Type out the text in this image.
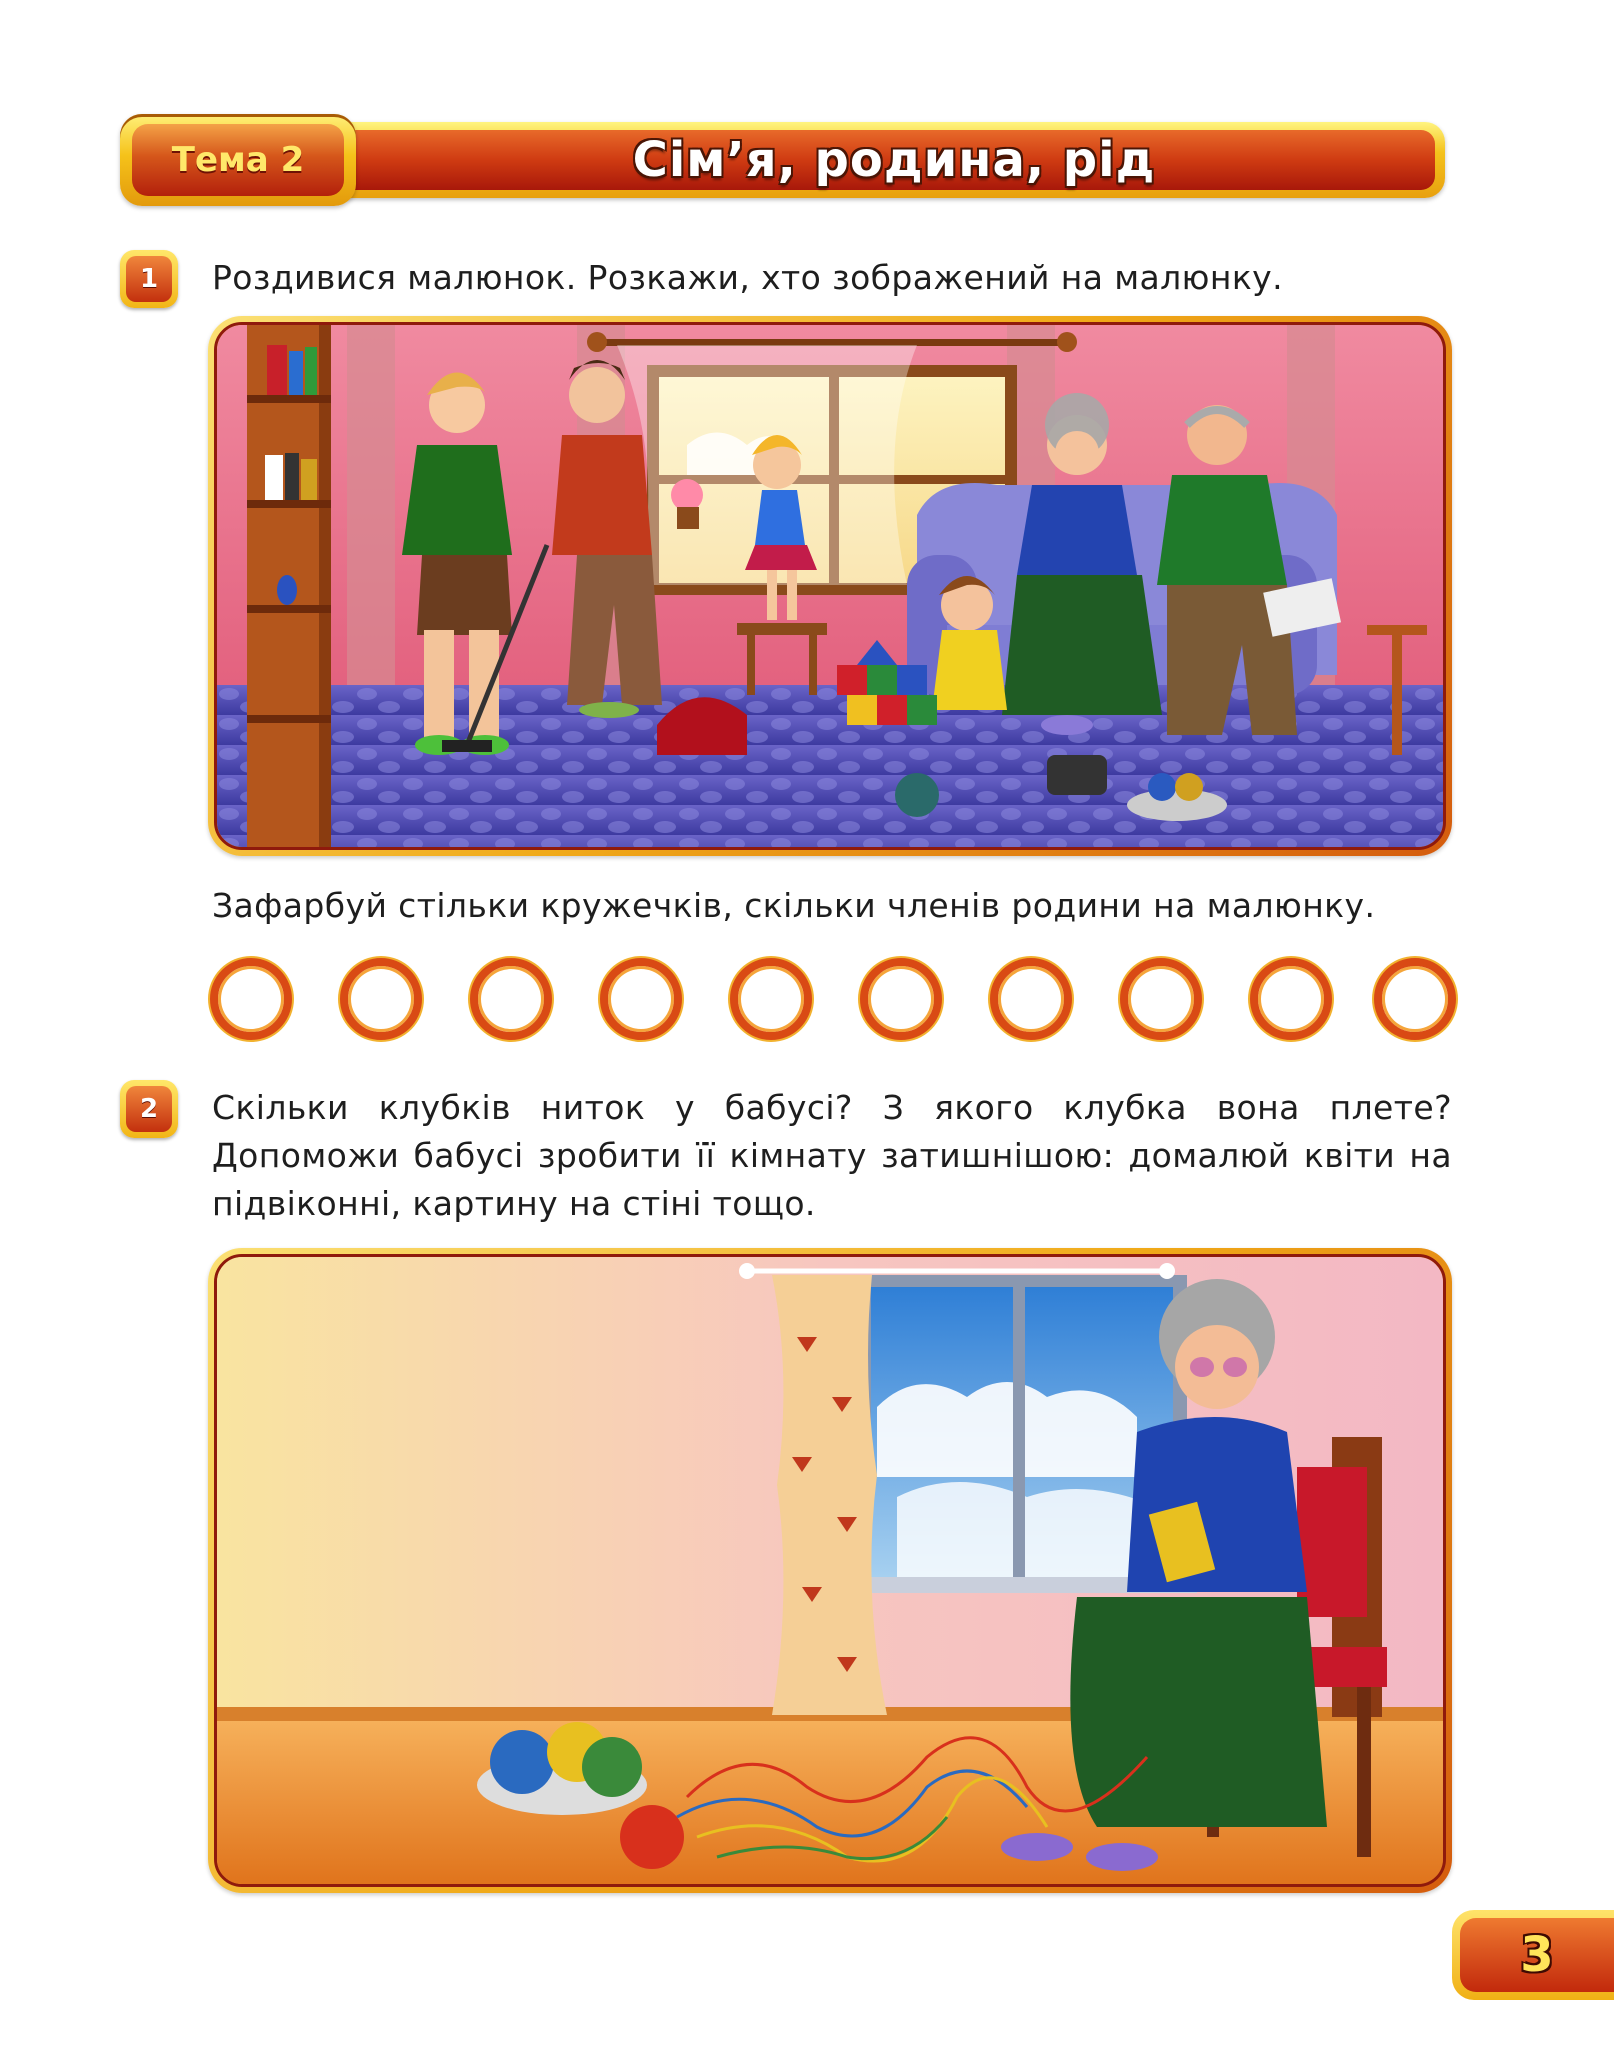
Сім’я, родина, рід
Тема 2
1	Роздивися малюнок. Розкажи, хто зображений на малюнку.
Зафарбуй стільки кружечків, скільки членів родини на малюнку.
2	Скільки клубків ниток у бабусі? З якого клубка вона плете? Допоможи бабусі зробити її кімнату затишнішою: домалюй квіти на підвіконні, картину на стіні тощо.
3
